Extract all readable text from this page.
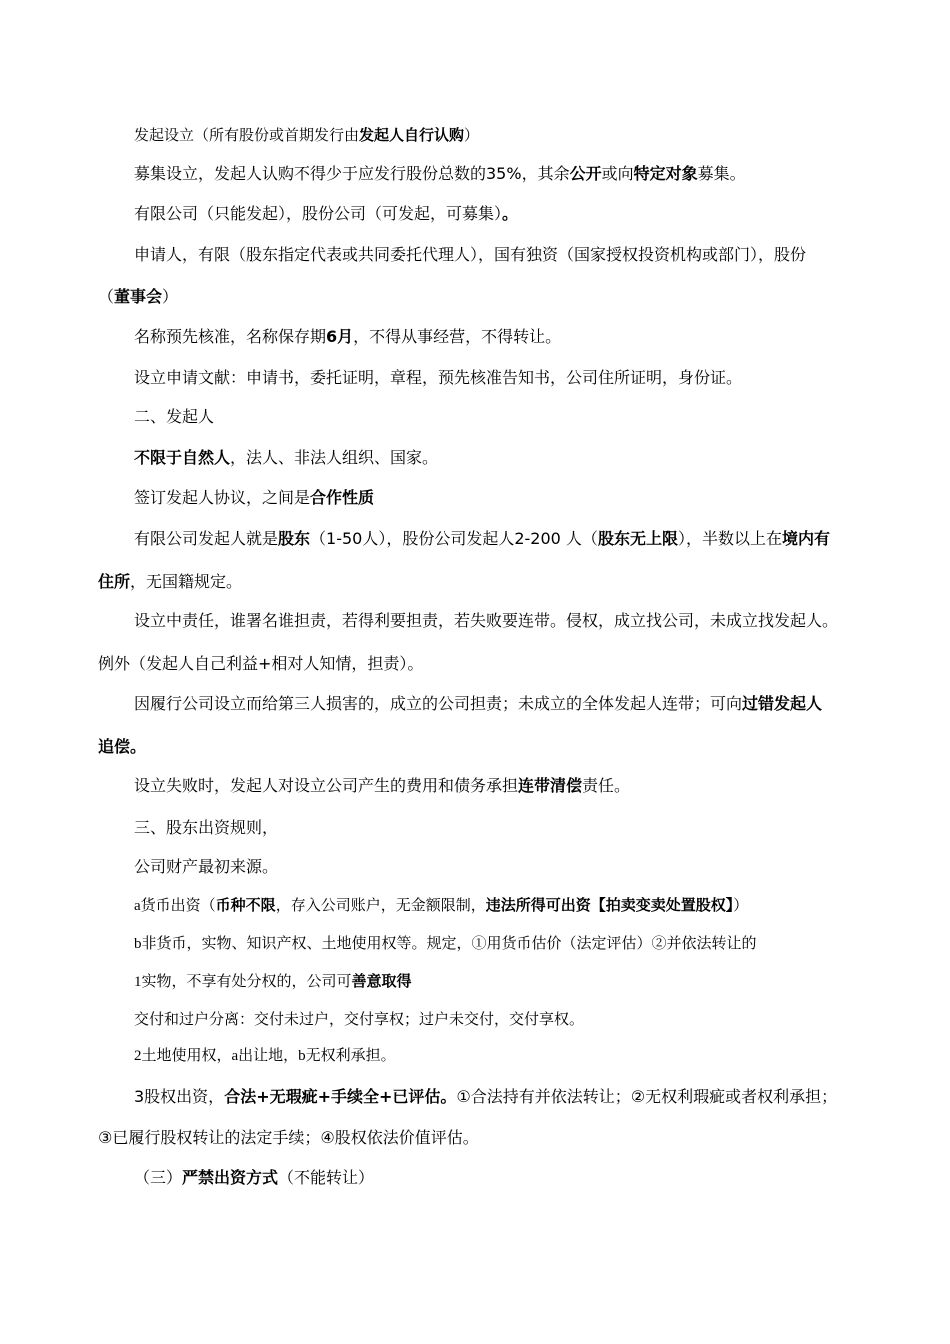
发起设立（所有股份或首期发行由发起人自行认购）
募集设立，发起人认购不得少于应发行股份总数的35%，其余公开或向特定对象募集。
有限公司（只能发起），股份公司（可发起，可募集）。
申请人，有限（股东指定代表或共同委托代理人），国有独资（国家授权投资机构或部门），股份
（董事会）
名称预先核准，名称保存期6月，不得从事经营，不得转让。
设立申请文献：申请书，委托证明，章程，预先核准告知书，公司住所证明，身份证。
二、发起人
不限于自然人，法人、非法人组织、国家。
签订发起人协议，之间是合作性质
有限公司发起人就是股东（1-50人），股份公司发起人2-200 人（股东无上限），半数以上在境内有
住所，无国籍规定。
设立中责任，谁署名谁担责，若得利要担责，若失败要连带。侵权，成立找公司，未成立找发起人。
例外（发起人自己利益+相对人知情，担责）。
因履行公司设立而给第三人损害的，成立的公司担责；未成立的全体发起人连带；可向过错发起人
追偿。
设立失败时，发起人对设立公司产生的费用和债务承担连带清偿责任。
三、股东出资规则，
公司财产最初来源。
a货币出资（币种不限，存入公司账户，无金额限制，违法所得可出资【拍卖变卖处置股权】）
b非货币，实物、知识产权、土地使用权等。规定，①用货币估价（法定评估）②并依法转让的
1实物，不享有处分权的，公司可善意取得
交付和过户分离：交付未过户，交付享权；过户未交付，交付享权。
2土地使用权，a出让地，b无权利承担。
3股权出资，合法+无瑕疵+手续全+已评估。①合法持有并依法转让；②无权利瑕疵或者权利承担；
③已履行股权转让的法定手续；④股权依法价值评估。
（三）严禁出资方式（不能转让）
